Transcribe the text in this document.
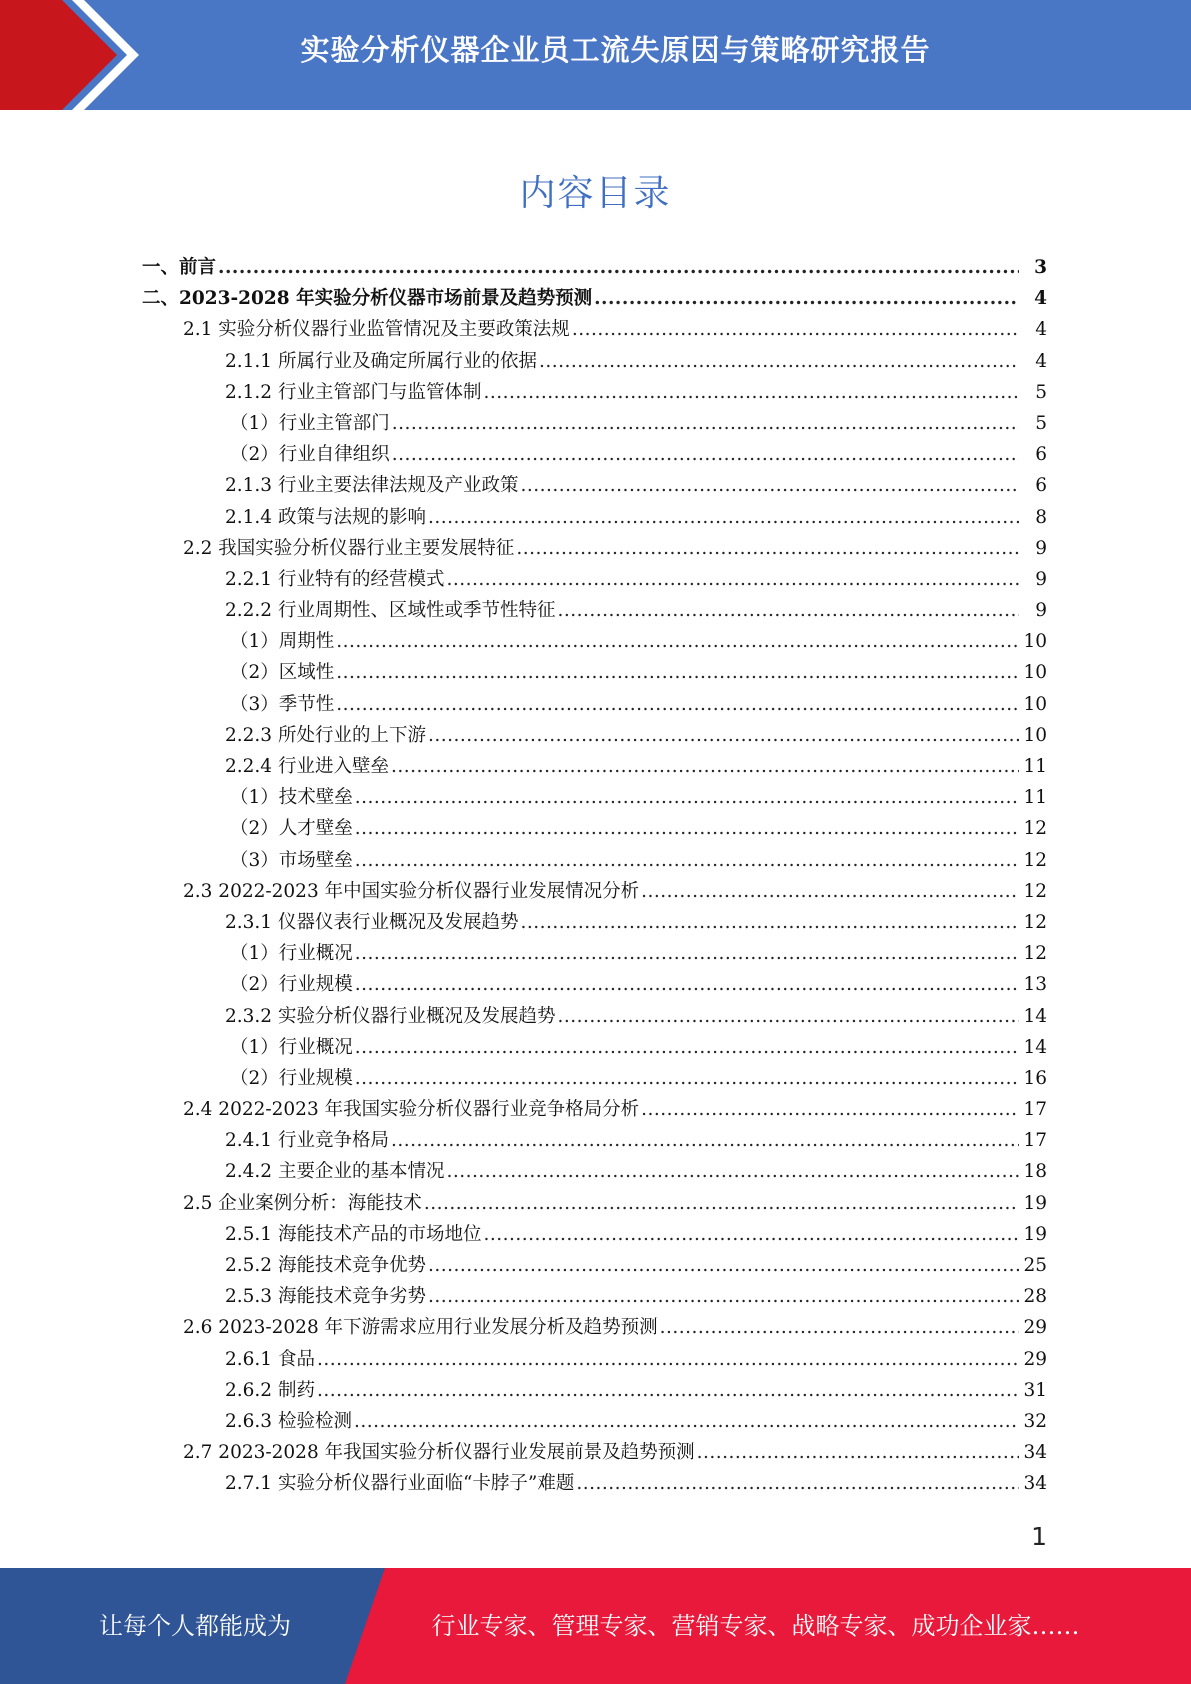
实验分析仪器企业员工流失原因与策略研究报告
内容目录
一、前言 .....	3
二、2023-2028 年实验分析仪器市场前景及趋势预测 .....	4
2.1 实验分析仪器行业监管情况及主要政策法规 .....	4
2.1.1 所属行业及确定所属行业的依据 .....	4
2.1.2 行业主管部门与监管体制 .....	5
（1）行业主管部门 .....	5
（2）行业自律组织 .....	6
2.1.3 行业主要法律法规及产业政策 .....	6
2.1.4 政策与法规的影响 .....	8
2.2 我国实验分析仪器行业主要发展特征 .....	9
2.2.1 行业特有的经营模式 .....	9
2.2.2 行业周期性、区域性或季节性特征 .....	9
（1）周期性 .....	10
（2）区域性 .....	10
（3）季节性 .....	10
2.2.3 所处行业的上下游 .....	10
2.2.4 行业进入壁垒 .....	11
（1）技术壁垒 .....	11
（2）人才壁垒 .....	12
（3）市场壁垒 .....	12
2.3 2022-2023 年中国实验分析仪器行业发展情况分析 .....	12
2.3.1 仪器仪表行业概况及发展趋势 .....	12
（1）行业概况 .....	12
（2）行业规模 .....	13
2.3.2 实验分析仪器行业概况及发展趋势 .....	14
（1）行业概况 .....	14
（2）行业规模 .....	16
2.4 2022-2023 年我国实验分析仪器行业竞争格局分析 .....	17
2.4.1 行业竞争格局 .....	17
2.4.2 主要企业的基本情况 .....	18
2.5 企业案例分析：海能技术 .....	19
2.5.1 海能技术产品的市场地位 .....	19
2.5.2 海能技术竞争优势 .....	25
2.5.3 海能技术竞争劣势 .....	28
2.6 2023-2028 年下游需求应用行业发展分析及趋势预测 .....	29
2.6.1 食品 .....	29
2.6.2 制药 .....	31
2.6.3 检验检测 .....	32
2.7 2023-2028 年我国实验分析仪器行业发展前景及趋势预测 .....	34
2.7.1 实验分析仪器行业面临“卡脖子”难题 .....	34
1
让每个人都能成为	行业专家、管理专家、营销专家、战略专家、成功企业家……
